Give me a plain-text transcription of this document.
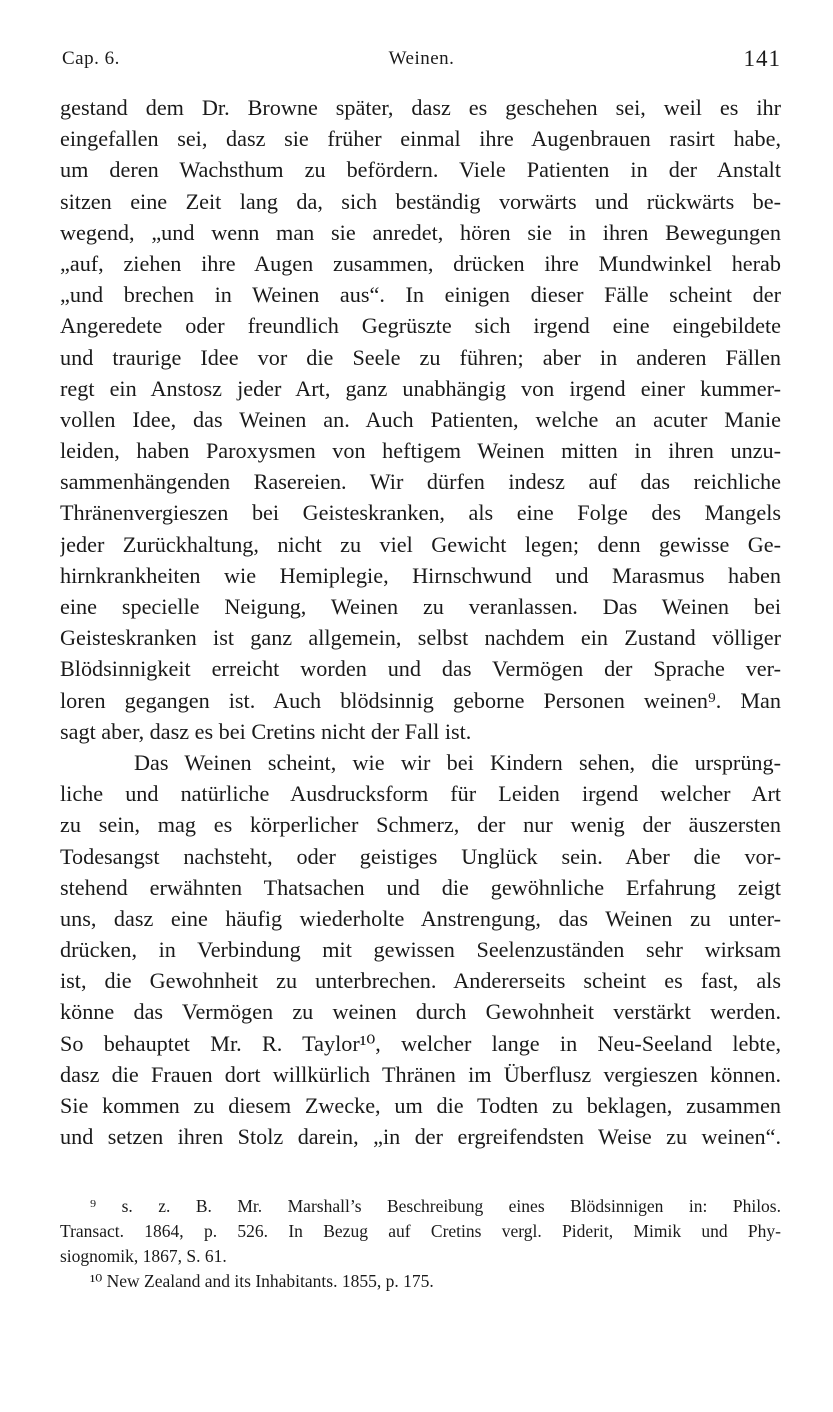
Cap. 6.	Weinen.	141
gestand dem Dr. Browne später, dasz es geschehen sei, weil es ihr
eingefallen sei, dasz sie früher einmal ihre Augenbrauen rasirt habe,
um deren Wachsthum zu befördern. Viele Patienten in der Anstalt
sitzen eine Zeit lang da, sich beständig vorwärts und rückwärts be-
wegend, „und wenn man sie anredet, hören sie in ihren Bewegungen
„auf, ziehen ihre Augen zusammen, drücken ihre Mundwinkel herab
„und brechen in Weinen aus“. In einigen dieser Fälle scheint der
Angeredete oder freundlich Gegrüszte sich irgend eine eingebildete
und traurige Idee vor die Seele zu führen; aber in anderen Fällen
regt ein Anstosz jeder Art, ganz unabhängig von irgend einer kummer-
vollen Idee, das Weinen an. Auch Patienten, welche an acuter Manie
leiden, haben Paroxysmen von heftigem Weinen mitten in ihren unzu-
sammenhängenden Rasereien. Wir dürfen indesz auf das reichliche
Thränenvergieszen bei Geisteskranken, als eine Folge des Mangels
jeder Zurückhaltung, nicht zu viel Gewicht legen; denn gewisse Ge-
hirnkrankheiten wie Hemiplegie, Hirnschwund und Marasmus haben
eine specielle Neigung, Weinen zu veranlassen. Das Weinen bei
Geisteskranken ist ganz allgemein, selbst nachdem ein Zustand völliger
Blödsinnigkeit erreicht worden und das Vermögen der Sprache ver-
loren gegangen ist. Auch blödsinnig geborne Personen weinen⁹. Man
sagt aber, dasz es bei Cretins nicht der Fall ist.
Das Weinen scheint, wie wir bei Kindern sehen, die ursprüng-
liche und natürliche Ausdrucksform für Leiden irgend welcher Art
zu sein, mag es körperlicher Schmerz, der nur wenig der äuszersten
Todesangst nachsteht, oder geistiges Unglück sein. Aber die vor-
stehend erwähnten Thatsachen und die gewöhnliche Erfahrung zeigt
uns, dasz eine häufig wiederholte Anstrengung, das Weinen zu unter-
drücken, in Verbindung mit gewissen Seelenzuständen sehr wirksam
ist, die Gewohnheit zu unterbrechen. Andererseits scheint es fast, als
könne das Vermögen zu weinen durch Gewohnheit verstärkt werden.
So behauptet Mr. R. Taylor¹⁰, welcher lange in Neu-Seeland lebte,
dasz die Frauen dort willkürlich Thränen im Überflusz vergieszen können.
Sie kommen zu diesem Zwecke, um die Todten zu beklagen, zusammen
und setzen ihren Stolz darein, „in der ergreifendsten Weise zu weinen“.
⁹ s. z. B. Mr. Marshall’s Beschreibung eines Blödsinnigen in: Philos.
Transact. 1864, p. 526. In Bezug auf Cretins vergl. Piderit, Mimik und Phy-
siognomik, 1867, S. 61.
¹⁰ New Zealand and its Inhabitants. 1855, p. 175.
